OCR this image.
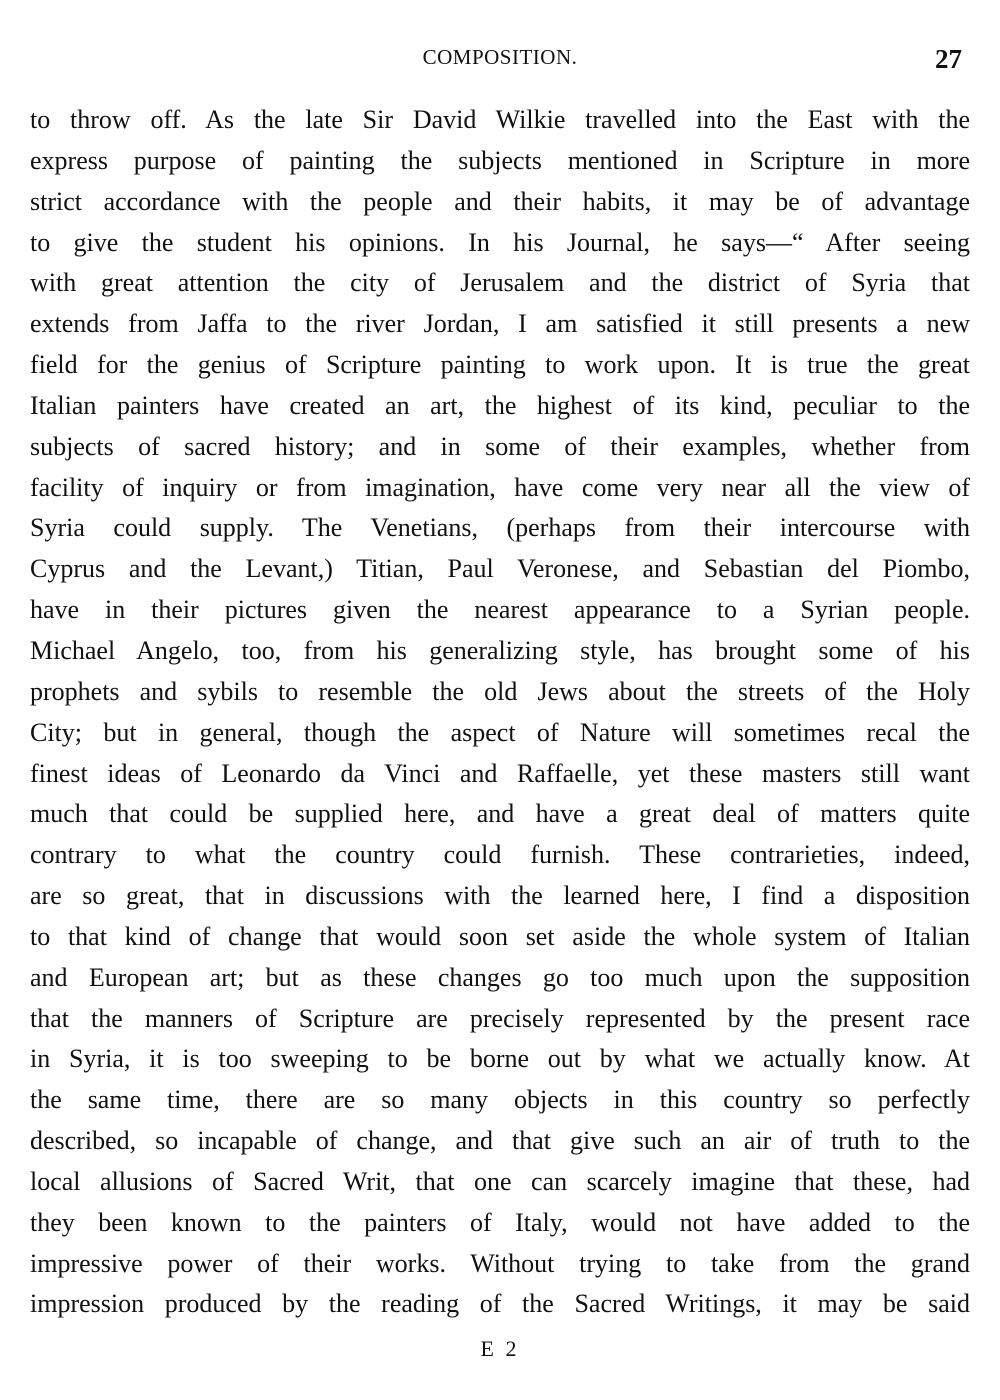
COMPOSITION.	27
to throw off. As the late Sir David Wilkie travelled into the East with the
express purpose of painting the subjects mentioned in Scripture in more
strict accordance with the people and their habits, it may be of advantage
to give the student his opinions. In his Journal, he says—“ After seeing
with great attention the city of Jerusalem and the district of Syria that
extends from Jaffa to the river Jordan, I am satisfied it still presents a new
field for the genius of Scripture painting to work upon. It is true the great
Italian painters have created an art, the highest of its kind, peculiar to the
subjects of sacred history; and in some of their examples, whether from
facility of inquiry or from imagination, have come very near all the view of
Syria could supply. The Venetians, (perhaps from their intercourse with
Cyprus and the Levant,) Titian, Paul Veronese, and Sebastian del Piombo,
have in their pictures given the nearest appearance to a Syrian people.
Michael Angelo, too, from his generalizing style, has brought some of his
prophets and sybils to resemble the old Jews about the streets of the Holy
City; but in general, though the aspect of Nature will sometimes recal the
finest ideas of Leonardo da Vinci and Raffaelle, yet these masters still want
much that could be supplied here, and have a great deal of matters quite
contrary to what the country could furnish. These contrarieties, indeed,
are so great, that in discussions with the learned here, I find a disposition
to that kind of change that would soon set aside the whole system of Italian
and European art; but as these changes go too much upon the supposition
that the manners of Scripture are precisely represented by the present race
in Syria, it is too sweeping to be borne out by what we actually know. At
the same time, there are so many objects in this country so perfectly
described, so incapable of change, and that give such an air of truth to the
local allusions of Sacred Writ, that one can scarcely imagine that these, had
they been known to the painters of Italy, would not have added to the
impressive power of their works. Without trying to take from the grand
impression produced by the reading of the Sacred Writings, it may be said
E 2
